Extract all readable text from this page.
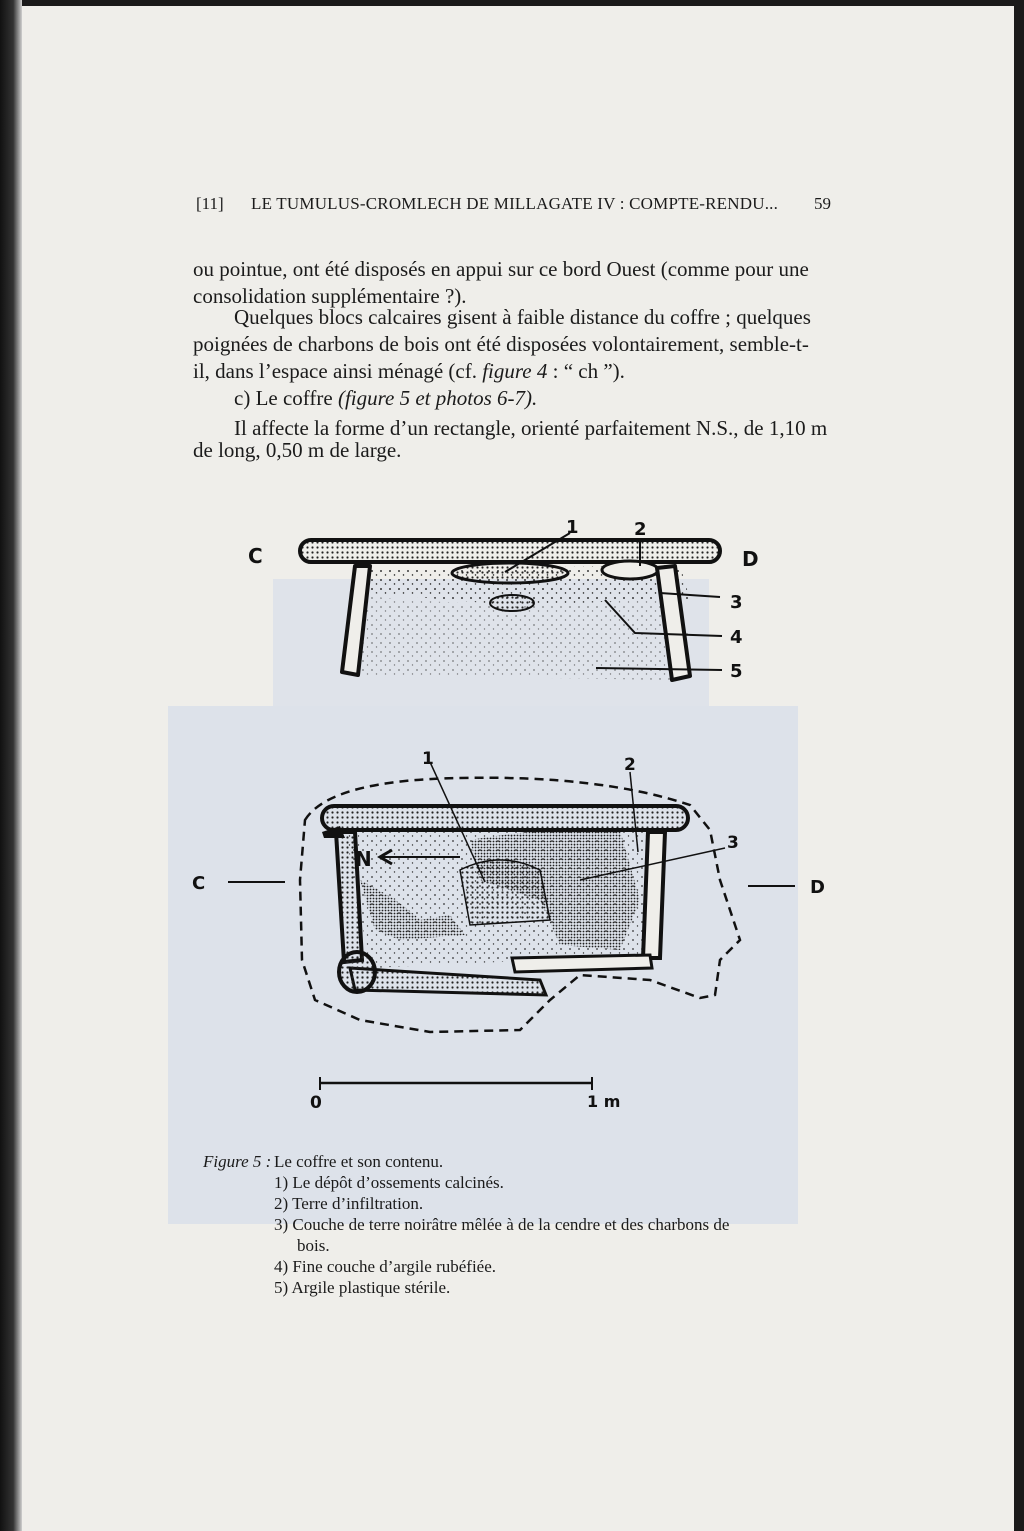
[11] LE TUMULUS-CROMLECH DE MILLAGATE IV : COMPTE-RENDU... 59
ou pointue, ont été disposés en appui sur ce bord Ouest (comme pour une
consolidation supplémentaire ?).
Quelques blocs calcaires gisent à faible distance du coffre ; quelques
poignées de charbons de bois ont été disposées volontairement, semble-t-
il, dans l’espace ainsi ménagé (cf. figure 4 : “ ch ”).
c) Le coffre (figure 5 et photos 6-7).
Il affecte la forme d’un rectangle, orienté parfaitement N.S., de 1,10 m
de long, 0,50 m de large.
C	D
1	2
3
4
5
N
C	D
1	2
3
0	1 m
Figure 5 : Le coffre et son contenu.
1) Le dépôt d’ossements calcinés.
2) Terre d’infiltration.
3) Couche de terre noirâtre mêlée à de la cendre et des charbons de
bois.
4) Fine couche d’argile rubéfiée.
5) Argile plastique stérile.
